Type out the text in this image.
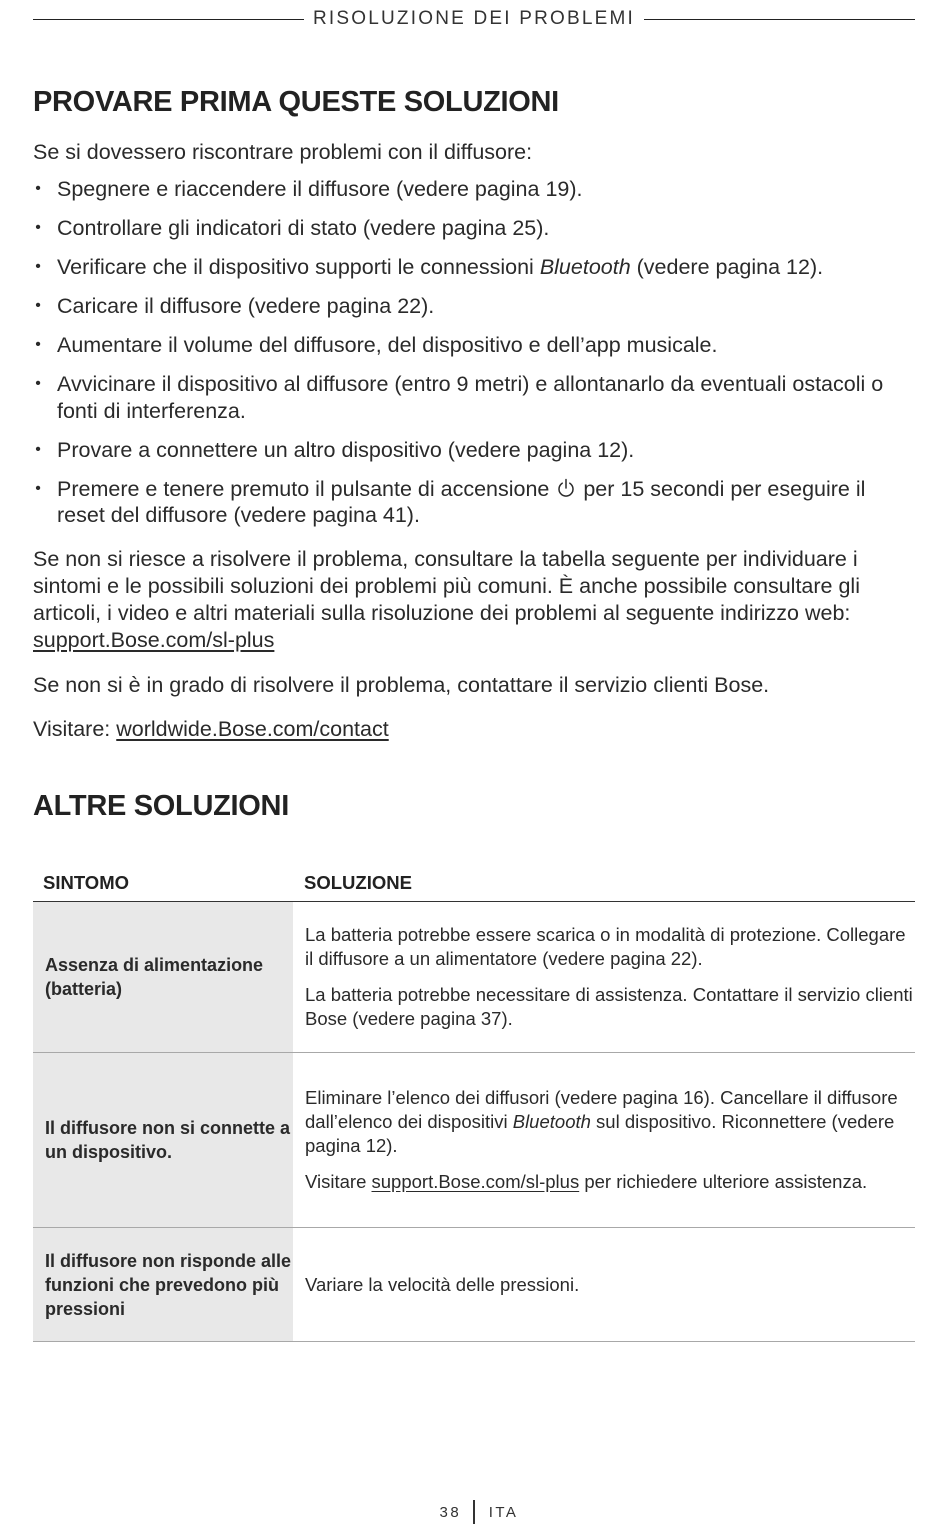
RISOLUZIONE DEI PROBLEMI
PROVARE PRIMA QUESTE SOLUZIONI

Se si dovessero riscontrare problemi con il diffusore:

• Spegnere e riaccendere il diffusore (vedere pagina 19).
• Controllare gli indicatori di stato (vedere pagina 25).
• Verificare che il dispositivo supporti le connessioni Bluetooth (vedere pagina 12).
• Caricare il diffusore (vedere pagina 22).
• Aumentare il volume del diffusore, del dispositivo e dell’app musicale.
• Avvicinare il dispositivo al diffusore (entro 9 metri) e allontanarlo da eventuali ostacoli o fonti di interferenza.
• Provare a connettere un altro dispositivo (vedere pagina 12).
• Premere e tenere premuto il pulsante di accensione  per 15 secondi per eseguire il reset del diffusore (vedere pagina 41).

Se non si riesce a risolvere il problema, consultare la tabella seguente per individuare i sintomi e le possibili soluzioni dei problemi più comuni. È anche possibile consultare gli articoli, i video e altri materiali sulla risoluzione dei problemi al seguente indirizzo web: support.Bose.com/sl-plus

Se non si è in grado di risolvere il problema, contattare il servizio clienti Bose.

Visitare: worldwide.Bose.com/contact

ALTRE SOLUZIONI
SINTOMO	SOLUZIONE
Assenza di alimentazione (batteria)

La batteria potrebbe essere scarica o in modalità di protezione. Collegare il diffusore a un alimentatore (vedere pagina 22).

La batteria potrebbe necessitare di assistenza. Contattare il servizio clienti Bose (vedere pagina 37).

Il diffusore non si connette a un dispositivo.

Eliminare l’elenco dei diffusori (vedere pagina 16). Cancellare il diffusore dall’elenco dei dispositivi Bluetooth sul dispositivo. Riconnettere (vedere pagina 12).

Visitare support.Bose.com/sl-plus per richiedere ulteriore assistenza.

Il diffusore non risponde alle funzioni che prevedono più pressioni

Variare la velocità delle pressioni.

38 ITA
